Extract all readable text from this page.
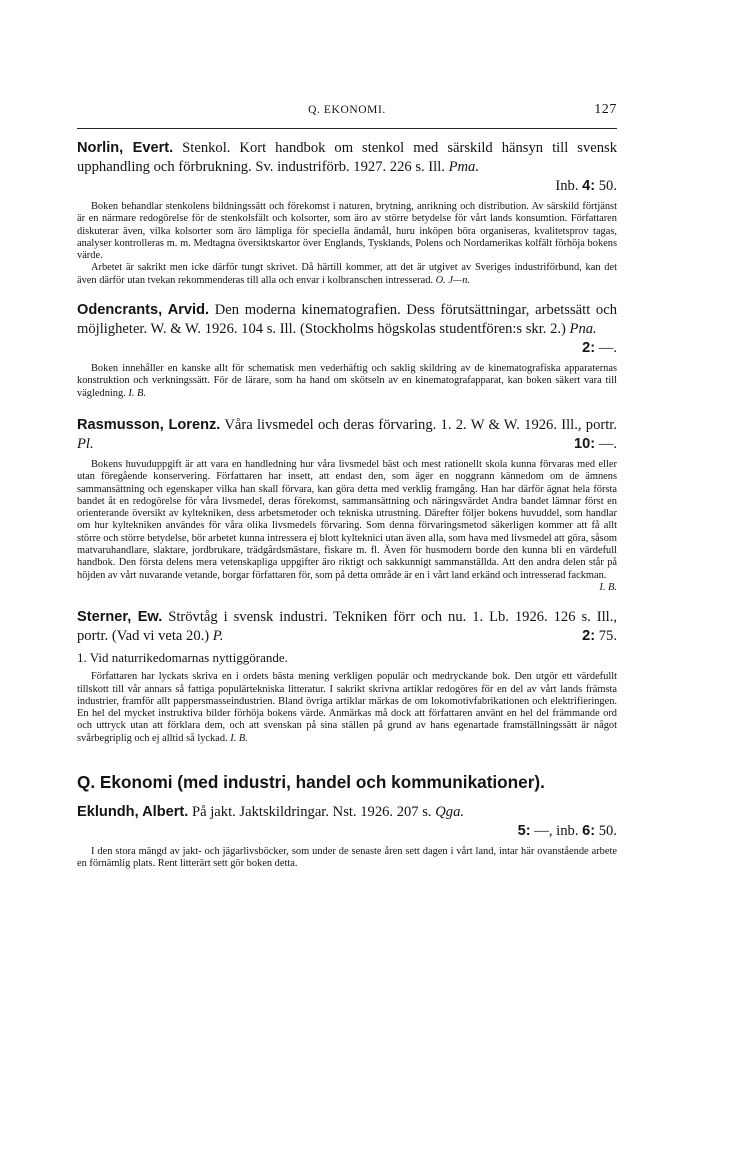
Q. EKONOMI.	127
Norlin, Evert. Stenkol. Kort handbok om stenkol med särskild hänsyn till svensk upphandling och förbrukning. Sv. industriförb. 1927. 226 s. Ill. Pma.
Inb. 4: 50.

Boken behandlar stenkolens bildningssätt och förekomst i naturen, brytning, anrikning och distribution. Av särskild förtjänst är en närmare redogörelse för de stenkolsfält och kolsorter, som äro av större betydelse för vårt lands konsumtion. Författaren diskuterar även, vilka kolsorter som äro lämpliga för speciella ändamål, huru inköpen böra organiseras, kvalitetsprov tagas, analyser kontrolleras m. m. Medtagna översiktskartor över Englands, Tysklands, Polens och Nordamerikas kolfält förhöja bokens värde.

Arbetet är sakrikt men icke därför tungt skrivet. Då härtill kommer, att det är utgivet av Sveriges industriförbund, kan det även därför utan tvekan rekommenderas till alla och envar i kolbranschen intresserad. O. J—n.

Odencrants, Arvid. Den moderna kinematografien. Dess förutsättningar, arbetssätt och möjligheter. W. & W. 1926. 104 s. Ill. (Stockholms högskolas studentfören:s skr. 2.) Pna.
2: —.

Boken innehåller en kanske allt för schematisk men vederhäftig och saklig skildring av de kinematografiska apparaternas konstruktion och verkningssätt. För de lärare, som ha hand om skötseln av en kinematografapparat, kan boken säkert vara till vägledning. I. B.

Rasmusson, Lorenz. Våra livsmedel och deras förvaring. 1. 2. W & W. 1926. Ill., portr. Pl.	10: —.

Bokens huvuduppgift är att vara en handledning hur våra livsmedel bäst och mest rationellt skola kunna förvaras med eller utan föregående konservering. Författaren har insett, att endast den, som äger en noggrann kännedom om de ämnens sammansättning och egenskaper vilka han skall förvara, kan göra detta med verklig framgång. Han har därför ägnat hela första bandet åt en redogörelse för våra livsmedel, deras förekomst, sammansättning och näringsvärdet Andra bandet lämnar först en orienterande översikt av kyltekniken, dess arbetsmetoder och tekniska utrustning. Därefter följer bokens huvuddel, som handlar om hur kyltekniken användes för våra olika livsmedels förvaring. Som denna förvaringsmetod säkerligen kommer att få allt större och större betydelse, bör arbetet kunna intressera ej blott kylteknici utan även alla, som hava med livsmedel att göra, såsom matvaruhandlare, slaktare, jordbrukare, trädgårdsmästare, fiskare m. fl. Även för husmodern borde den kunna bli en värdefull handbok. Den första delens mera vetenskapliga uppgifter äro riktigt och sakkunnigt sammanställda. Att den andra delen står på höjden av vårt nuvarande vetande, borgar författaren för, som på detta område är en i vårt land erkänd och intresserad fackman.
I. B.

Sterner, Ew. Strövtåg i svensk industri. Tekniken förr och nu. 1. Lb. 1926. 126 s. Ill., portr. (Vad vi veta 20.) P.	2: 75.
1. Vid naturrikedomarnas nyttiggörande.

Författaren har lyckats skriva en i ordets bästa mening verkligen populär och medryckande bok. Den utgör ett värdefullt tillskott till vår annars så fattiga populärtekniska litteratur. I sakrikt skrivna artiklar redogöres för en del av vårt lands främsta industrier, framför allt pappersmasseindustrien. Bland övriga artiklar märkas de om lokomotivfabrikationen och elektrifieringen. En hel del mycket instruktiva bilder förhöja bokens värde. Anmärkas må dock att författaren använt en hel del främmande ord och uttryck utan att förklara dem, och att svenskan på sina ställen på grund av hans egenartade framställningssätt är något svårbegriplig och ej alltid så lyckad. I. B.

Q. Ekonomi (med industri, handel och kommunikationer).
Eklundh, Albert. På jakt. Jaktskildringar. Nst. 1926. 207 s. Qga.
5: —, inb. 6: 50.

I den stora mängd av jakt- och jägarlivsböcker, som under de senaste åren sett dagen i vårt land, intar här ovanstående arbete en förnämlig plats. Rent litterärt sett gör boken detta.
